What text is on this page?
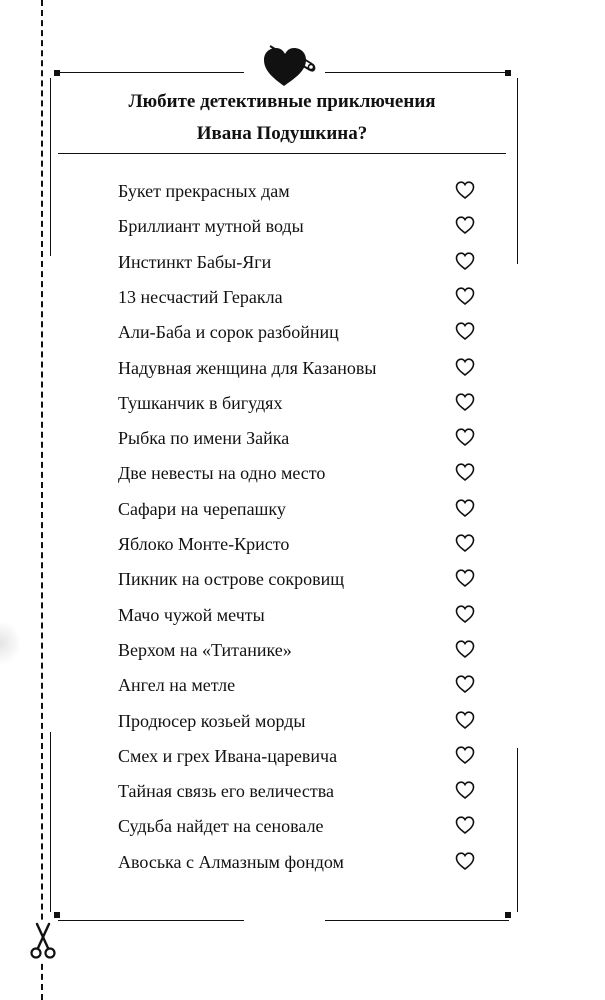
Любите детективные приключения
Ивана Подушкина?
Букет прекрасных дам
Бриллиант мутной воды
Инстинкт Бабы-Яги
13 несчастий Геракла
Али-Баба и сорок разбойниц
Надувная женщина для Казановы
Тушканчик в бигудях
Рыбка по имени Зайка
Две невесты на одно место
Сафари на черепашку
Яблоко Монте-Кристо
Пикник на острове сокровищ
Мачо чужой мечты
Верхом на «Титанике»
Ангел на метле
Продюсер козьей морды
Смех и грех Ивана-царевича
Тайная связь его величества
Судьба найдет на сеновале
Авоська с Алмазным фондом
